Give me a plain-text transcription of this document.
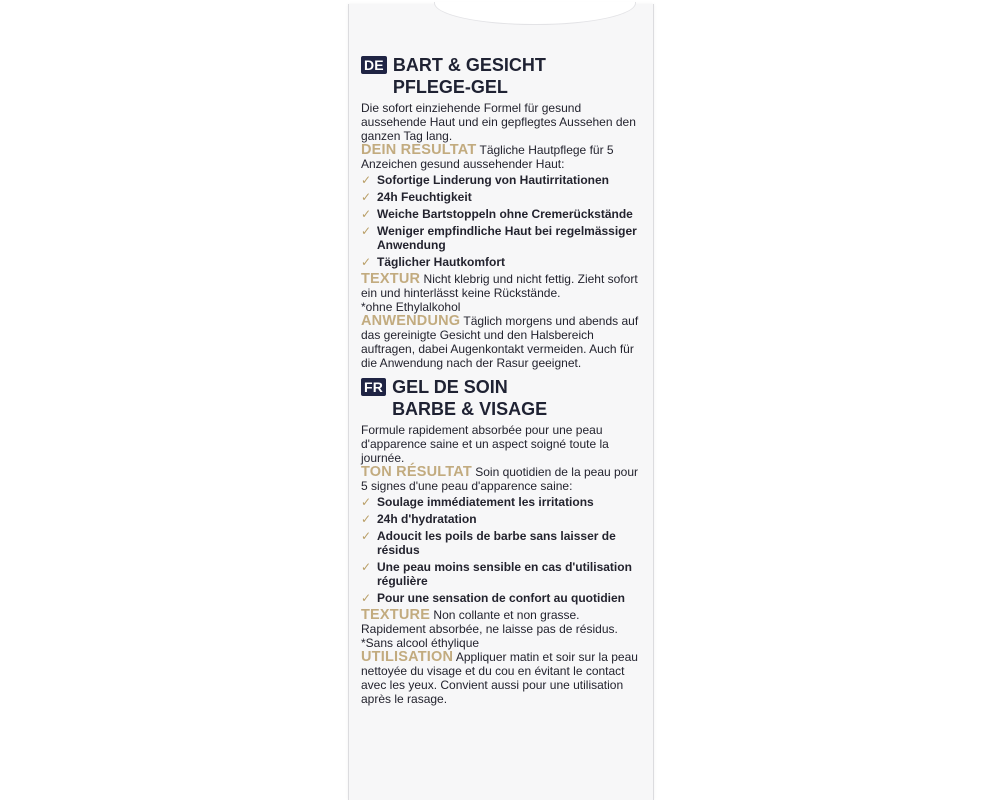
DE BART & GESICHT
PFLEGE-GEL

Die sofort einziehende Formel für gesund aussehende Haut und ein gepflegtes Aussehen den ganzen Tag lang.

DEIN RESULTAT Tägliche Hautpflege für 5 Anzeichen gesund aussehender Haut:

✓ Sofortige Linderung von Hautirritationen
✓ 24h Feuchtigkeit
✓ Weiche Bartstoppeln ohne Cremerückstände
✓ Weniger empfindliche Haut bei regelmässiger Anwendung
✓ Täglicher Hautkomfort

TEXTUR Nicht klebrig und nicht fettig. Zieht sofort ein und hinterlässt keine Rückstände.

*ohne Ethylalkohol

ANWENDUNG Täglich morgens und abends auf das gereinigte Gesicht und den Halsbereich auftragen, dabei Augenkontakt vermeiden. Auch für die Anwendung nach der Rasur geeignet.

FR GEL DE SOIN
BARBE & VISAGE

Formule rapidement absorbée pour une peau d'apparence saine et un aspect soigné toute la journée.

TON RÉSULTAT Soin quotidien de la peau pour 5 signes d'une peau d'apparence saine:

✓ Soulage immédiatement les irritations
✓ 24h d'hydratation
✓ Adoucit les poils de barbe sans laisser de résidus
✓ Une peau moins sensible en cas d'utilisation régulière
✓ Pour une sensation de confort au quotidien

TEXTURE Non collante et non grasse. Rapidement absorbée, ne laisse pas de résidus.

*Sans alcool éthylique

UTILISATION Appliquer matin et soir sur la peau nettoyée du visage et du cou en évitant le contact avec les yeux. Convient aussi pour une utilisation après le rasage.
